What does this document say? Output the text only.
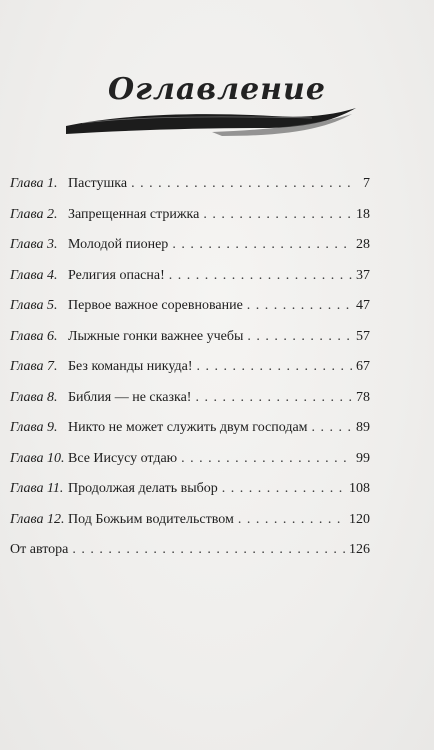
Оглавление
Глава 1. Пастушка . . .	7
Глава 2. Запрещенная стрижка . . .	18
Глава 3. Молодой пионер . . .	28
Глава 4. Религия опасна! . . .	37
Глава 5. Первое важное соревнование . . .	47
Глава 6. Лыжные гонки важнее учебы . . .	57
Глава 7. Без команды никуда! . . .	67
Глава 8. Библия — не сказка! . . .	78
Глава 9. Никто не может служить двум господам . . .	89
Глава 10. Все Иисусу отдаю . . .	99
Глава 11. Продолжая делать выбор . . .	108
Глава 12. Под Божьим водительством . . .	120
От автора . . .	126
